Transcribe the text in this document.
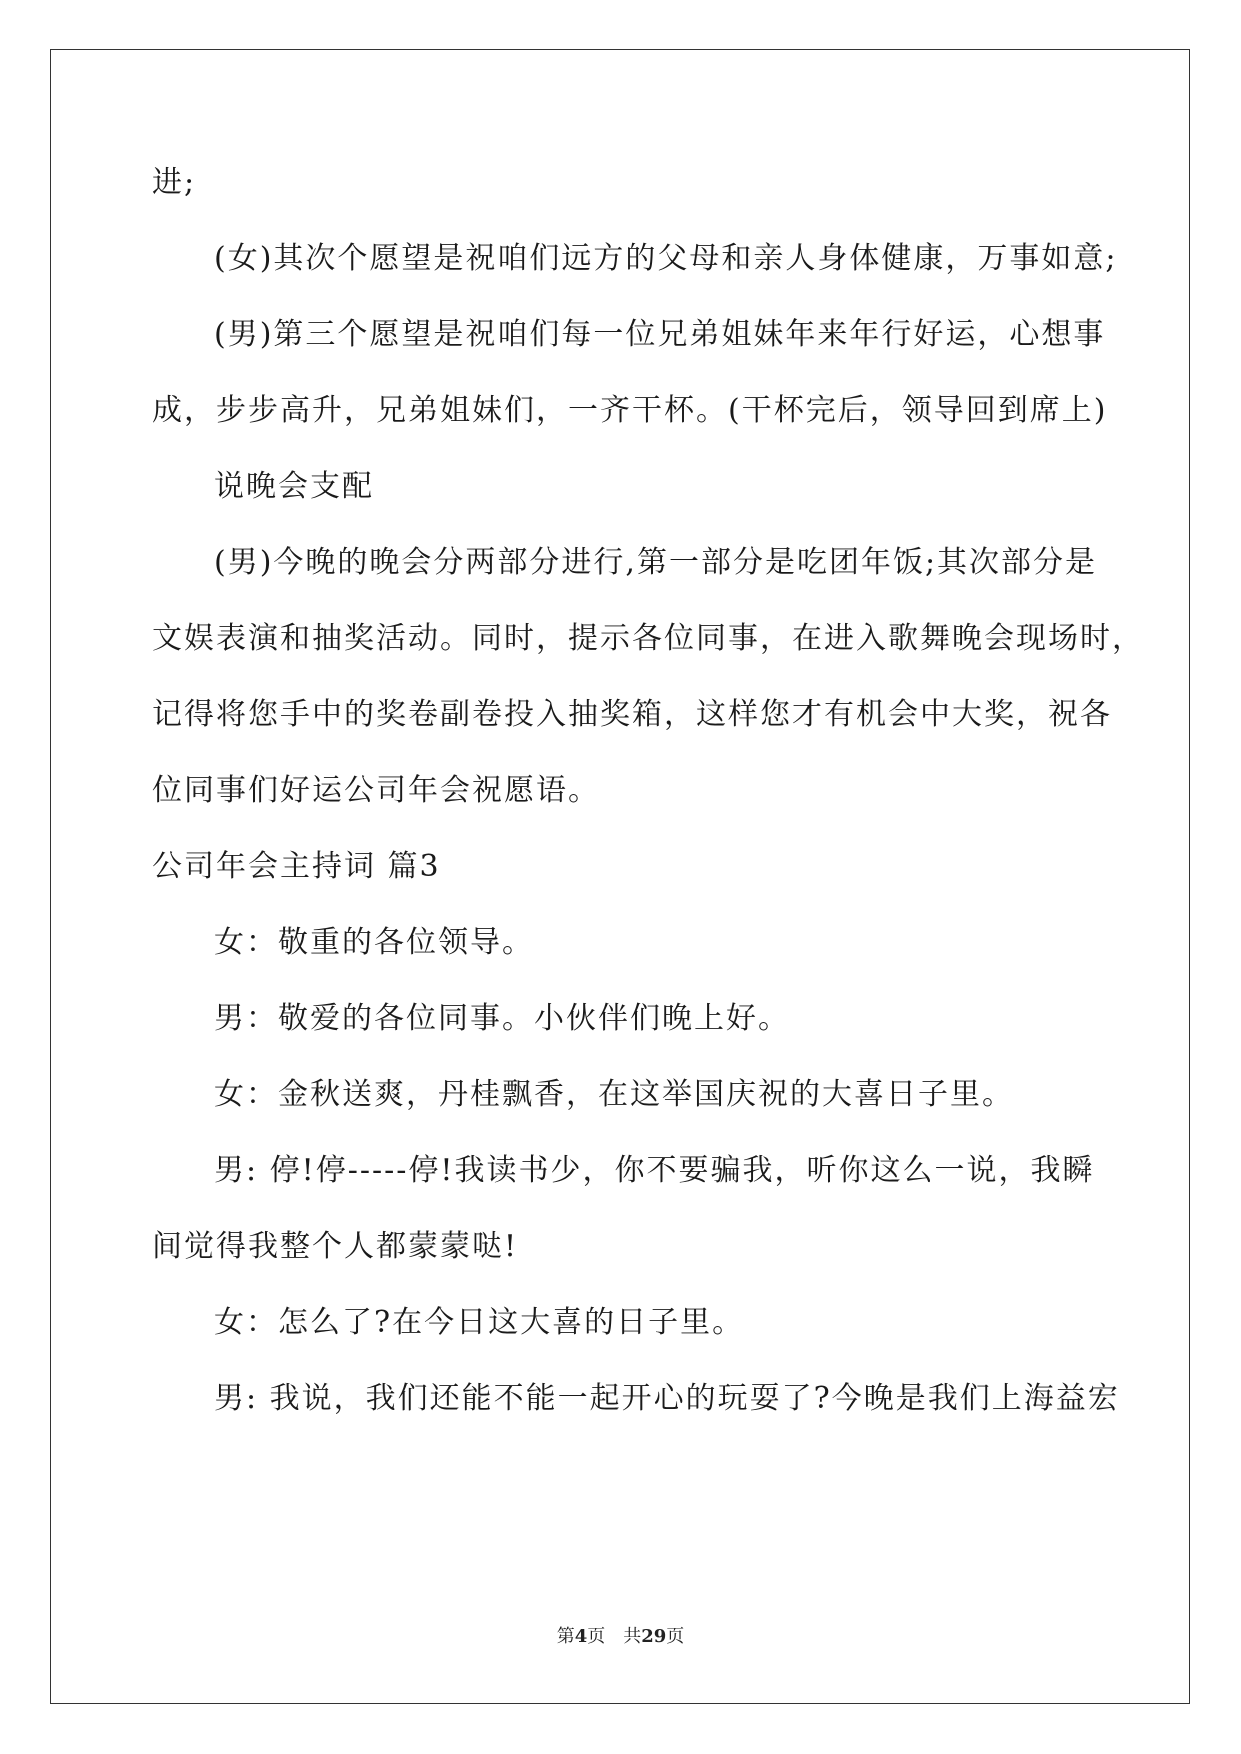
进;
(女)其次个愿望是祝咱们远方的父母和亲人身体健康，万事如意;
(男)第三个愿望是祝咱们每一位兄弟姐妹年来年行好运，心想事
成，步步高升，兄弟姐妹们，一齐干杯。(干杯完后，领导回到席上)
说晚会支配
(男)今晚的晚会分两部分进行,第一部分是吃团年饭;其次部分是
文娱表演和抽奖活动。同时，提示各位同事，在进入歌舞晚会现场时，
记得将您手中的奖卷副卷投入抽奖箱，这样您才有机会中大奖，祝各
位同事们好运公司年会祝愿语。
公司年会主持词 篇3
女：敬重的各位领导。
男：敬爱的各位同事。小伙伴们晚上好。
女：金秋送爽，丹桂飘香，在这举国庆祝的大喜日子里。
男: 停!停-----停!我读书少，你不要骗我，听你这么一说，我瞬
间觉得我整个人都蒙蒙哒!
女：怎么了?在今日这大喜的日子里。
男: 我说，我们还能不能一起开心的玩耍了?今晚是我们上海益宏
第4页　共29页
